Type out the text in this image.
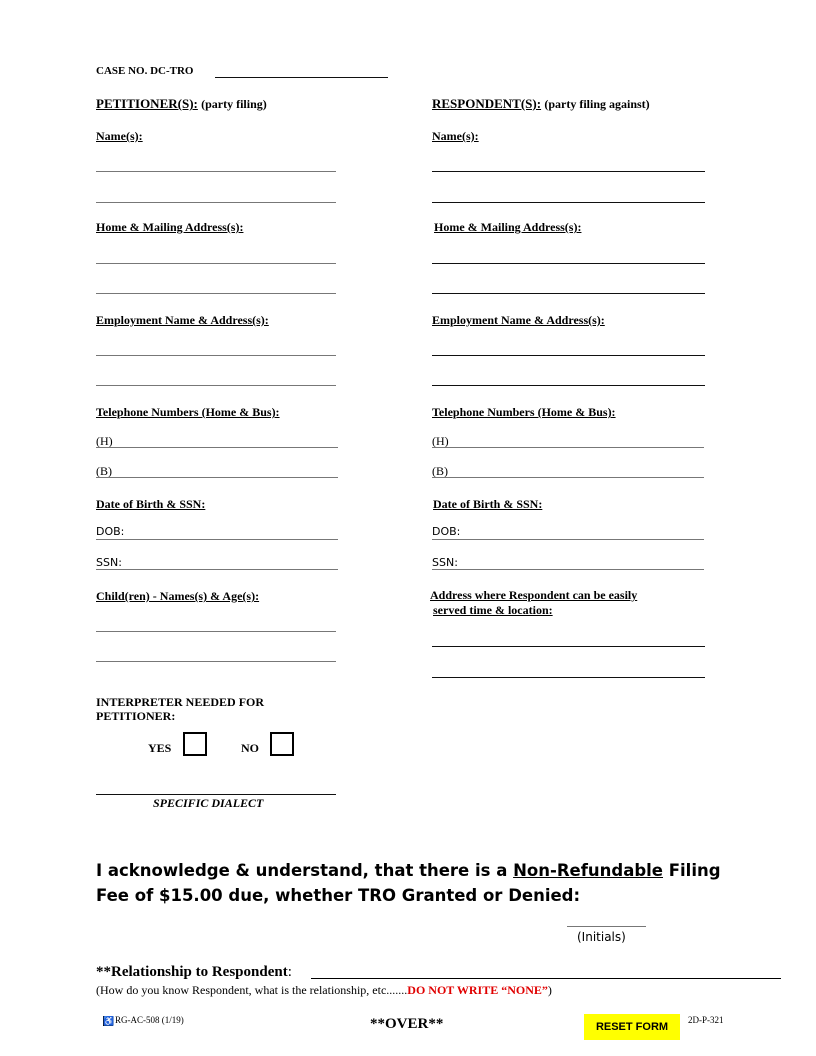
CASE NO. DC-TRO
PETITIONER(S): (party filing)
Name(s):
Home & Mailing Address(s):
Employment Name & Address(s):
Telephone Numbers (Home & Bus):
(H)
(B)
Date of Birth & SSN:
DOB:
SSN:
Child(ren) - Names(s) & Age(s):
RESPONDENT(S): (party filing against)
Name(s):
Home & Mailing Address(s):
Employment Name & Address(s):
Telephone Numbers (Home & Bus):
(H)
(B)
Date of Birth & SSN:
DOB:
SSN:
Address where Respondent can be easily
served time & location:
INTERPRETER NEEDED FOR
PETITIONER:
YES	NO
SPECIFIC DIALECT
I acknowledge & understand, that there is a Non-Refundable Filing
Fee of $15.00 due, whether TRO Granted or Denied:
(Initials)
**Relationship to Respondent:
(How do you know Respondent, what is the relationship, etc.......DO NOT WRITE “NONE”)
♿ RG-AC-508 (1/19)	**OVER**	RESET FORM
2D-P-321
